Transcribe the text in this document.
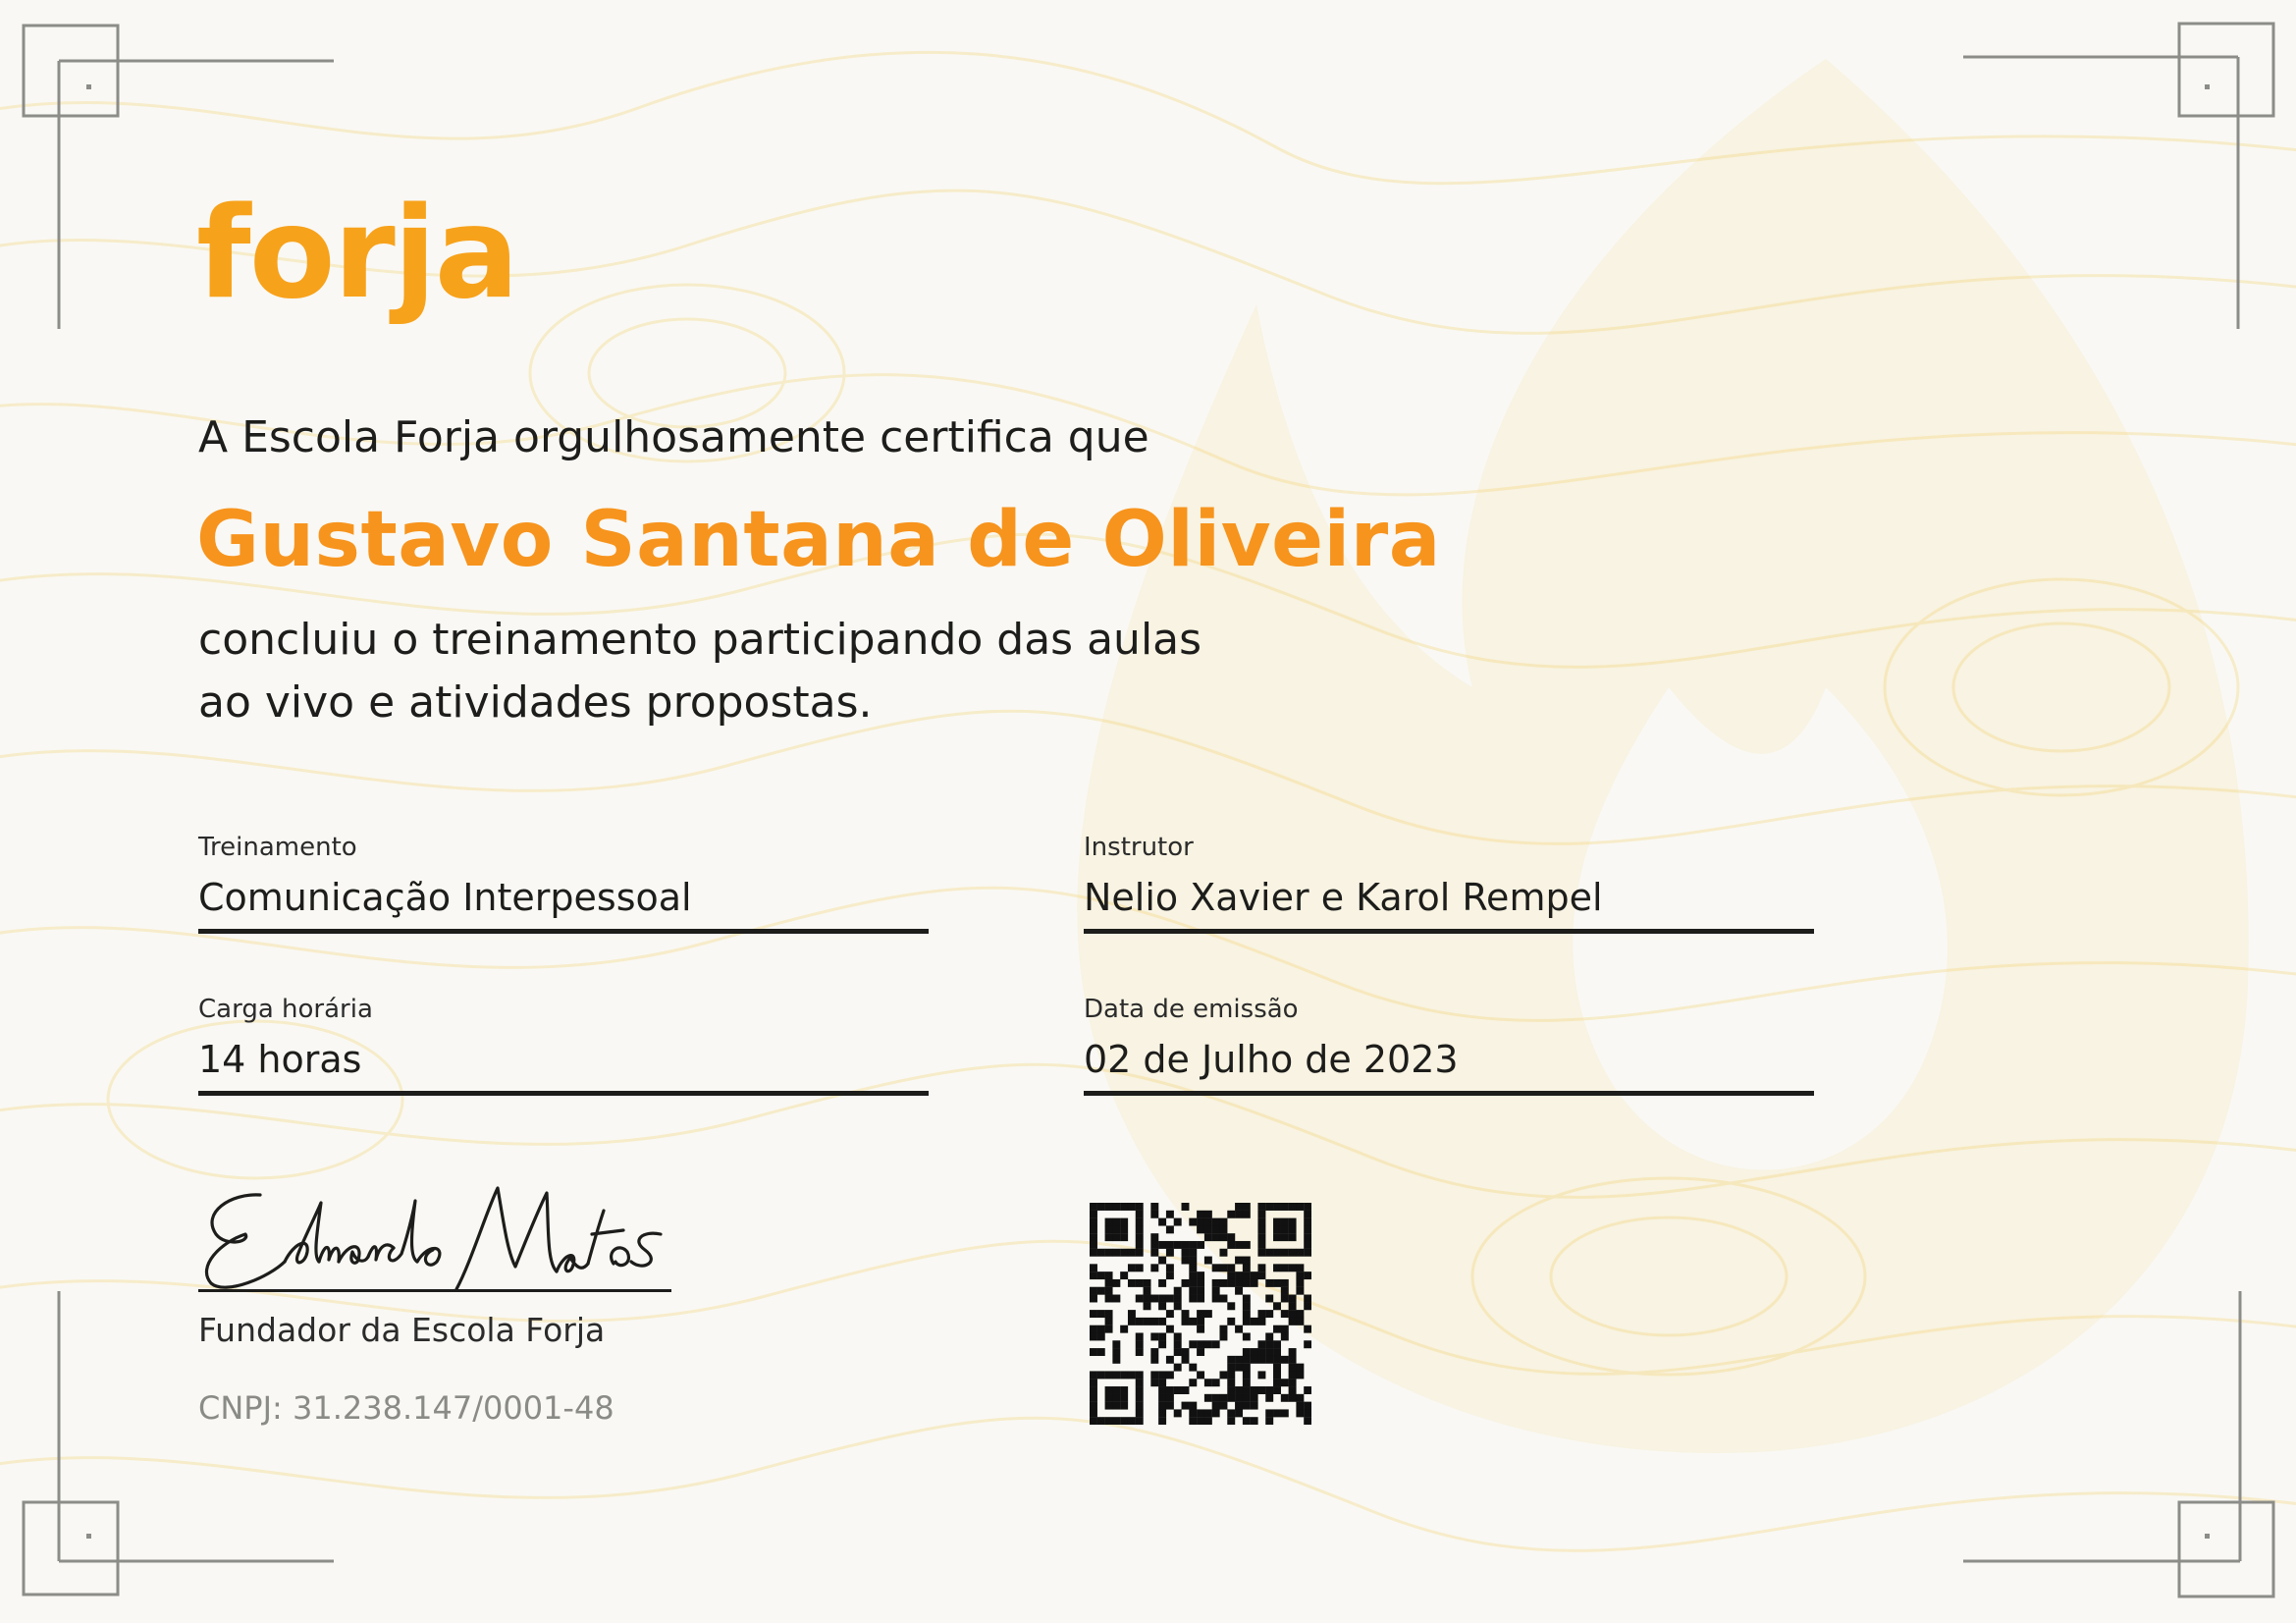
forja
A Escola Forja orgulhosamente certifica que
Gustavo Santana de Oliveira
concluiu o treinamento participando das aulas
ao vivo e atividades propostas.
Treinamento
Comunicação Interpessoal
Instrutor
Nelio Xavier e Karol Rempel
Carga horária
14 horas
Data de emissão
02 de Julho de 2023
Fundador da Escola Forja
CNPJ: 31.238.147/0001-48
